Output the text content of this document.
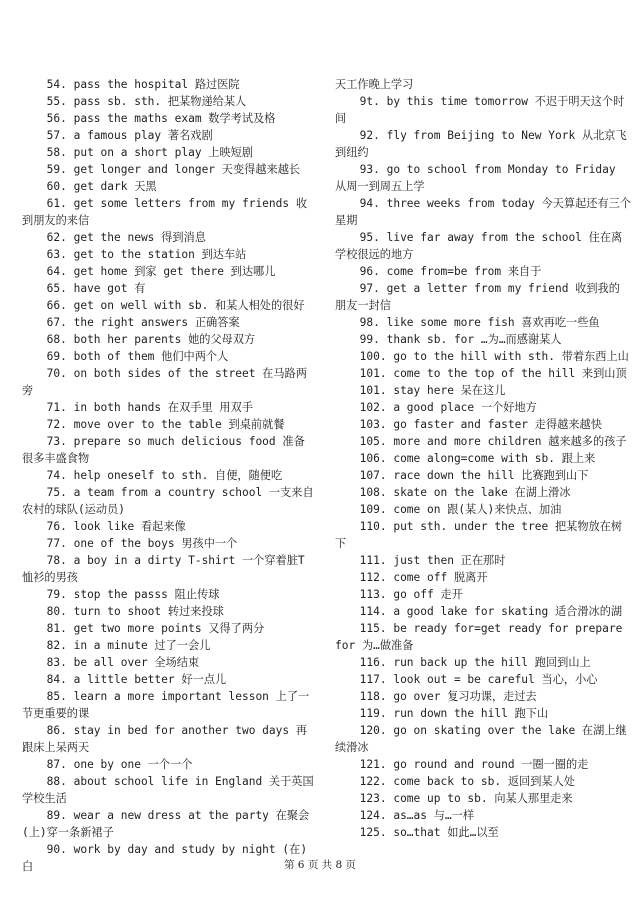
54. pass the hospital 路过医院
55. pass sb. sth. 把某物递给某人
56. pass the maths exam 数学考试及格
57. a famous play 著名戏剧
58. put on a short play 上映短剧
59. get longer and longer 天变得越来越长
60. get dark 天黑
61. get some letters from my friends 收到朋友的来信
62. get the news 得到消息
63. get to the station 到达车站
64. get home 到家 get there 到达哪儿
65. have got 有
66. get on well with sb. 和某人相处的很好
67. the right answers 正确答案
68. both her parents 她的父母双方
69. both of them 他们中两个人
70. on both sides of the street 在马路两旁
71. in both hands 在双手里 用双手
72. move over to the table 到桌前就餐
73. prepare so much delicious food 准备很多丰盛食物
74. help oneself to sth. 自便，随便吃
75. a team from a country school 一支来自农村的球队(运动员)
76. look like 看起来像
77. one of the boys 男孩中一个
78. a boy in a dirty T-shirt 一个穿着脏T恤衫的男孩
79. stop the passs 阻止传球
80. turn to shoot 转过来投球
81. get two more points 又得了两分
82. in a minute 过了一会儿
83. be all over 全场结束
84. a little better 好一点儿
85. learn a more important lesson 上了一节更重要的课
86. stay in bed for another two days 再跟床上呆两天
87. one by one 一个一个
88. about school life in England 关于英国学校生活
89. wear a new dress at the party 在聚会(上)穿一条新裙子
90. work by day and study by night (在)白
天工作晚上学习
9t. by this time tomorrow 不迟于明天这个时间
92. fly from Beijing to New York 从北京飞到纽约
93. go to school from Monday to Friday 从周一到周五上学
94. three weeks from today 今天算起还有三个星期
95. live far away from the school 住在离学校很远的地方
96. come from=be from 来自于
97. get a letter from my friend 收到我的朋友一封信
98. like some more fish 喜欢再吃一些鱼
99. thank sb. for …为…而感谢某人
100. go to the hill with sth. 带着东西上山
101. come to the top of the hill 来到山顶
101. stay here 呆在这儿
102. a good place 一个好地方
103. go faster and faster 走得越来越快
105. more and more children 越来越多的孩子
106. come along=come with sb. 跟上来
107. race down the hill 比赛跑到山下
108. skate on the lake 在湖上滑冰
109. come on 跟(某人)来快点、加油
110. put sth. under the tree 把某物放在树下
111. just then 正在那时
112. come off 脱离开
113. go off 走开
114. a good lake for skating 适合滑冰的湖
115. be ready for=get ready for prepare for 为…做准备
116. run back up the hill 跑回到山上
117. look out = be careful 当心，小心
118. go over 复习功课，走过去
119. run down the hill 跑下山
120. go on skating over the lake 在湖上继续滑冰
121. go round and round 一圈一圈的走
122. come back to sb. 返回到某人处
123. come up to sb. 向某人那里走来
124. as…as 与…一样
125. so…that 如此…以至
第 6 页 共 8 页
